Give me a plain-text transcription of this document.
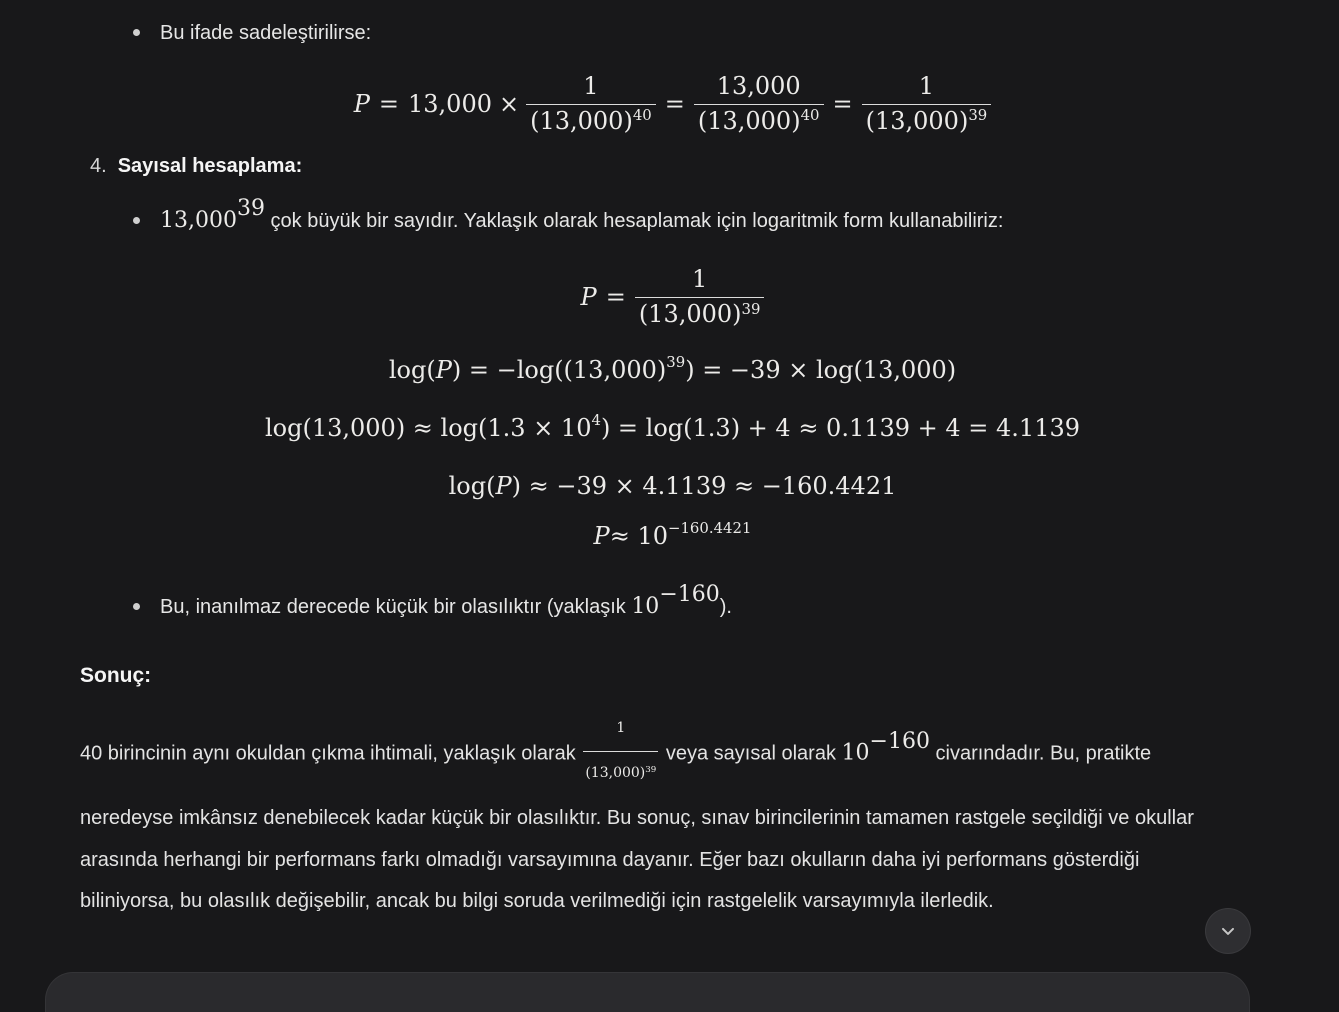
Bu ifade sadeleştirilirse:
$P = 13,000 \times \frac{1}{(13,000)^{40}} = \frac{13,000}{(13,000)^{40}} = \frac{1}{(13,000)^{39}}$
4. Sayısal hesaplama:
13,00039 çok büyük bir sayıdır. Yaklaşık olarak hesaplamak için logaritmik form kullanabiliriz:
$P = \frac{1}{(13,000)^{39}}$
log( P ) = −log((13,000) 39 ) = −39 × log(13,000)
log(13,000) ≈ log(1.3 × 10 4 ) = log(1.3) + 4 ≈ 0.1139 + 4 = 4.1139
log( P ) ≈ −39 × 4.1139 ≈ −160.4421
P ≈ 10 −160.4421
Bu, inanılmaz derecede küçük bir olasılıktır (yaklaşık 10−160).
Sonuç:

40 birincinin aynı okuldan çıkma ihtimali, yaklaşık olarak $\frac{1}{(13,000)^{39}}$ veya sayısal olarak 10−160 civarındadır. Bu, pratikte neredeyse imkânsız denebilecek kadar küçük bir olasılıktır. Bu sonuç, sınav birincilerinin tamamen rastgele seçildiği ve okullar arasında herhangi bir performans farkı olmadığı varsayımına dayanır. Eğer bazı okulların daha iyi performans gösterdiği biliniyorsa, bu olasılık değişebilir, ancak bu bilgi soruda verilmediği için rastgelelik varsayımıyla ilerledik.
